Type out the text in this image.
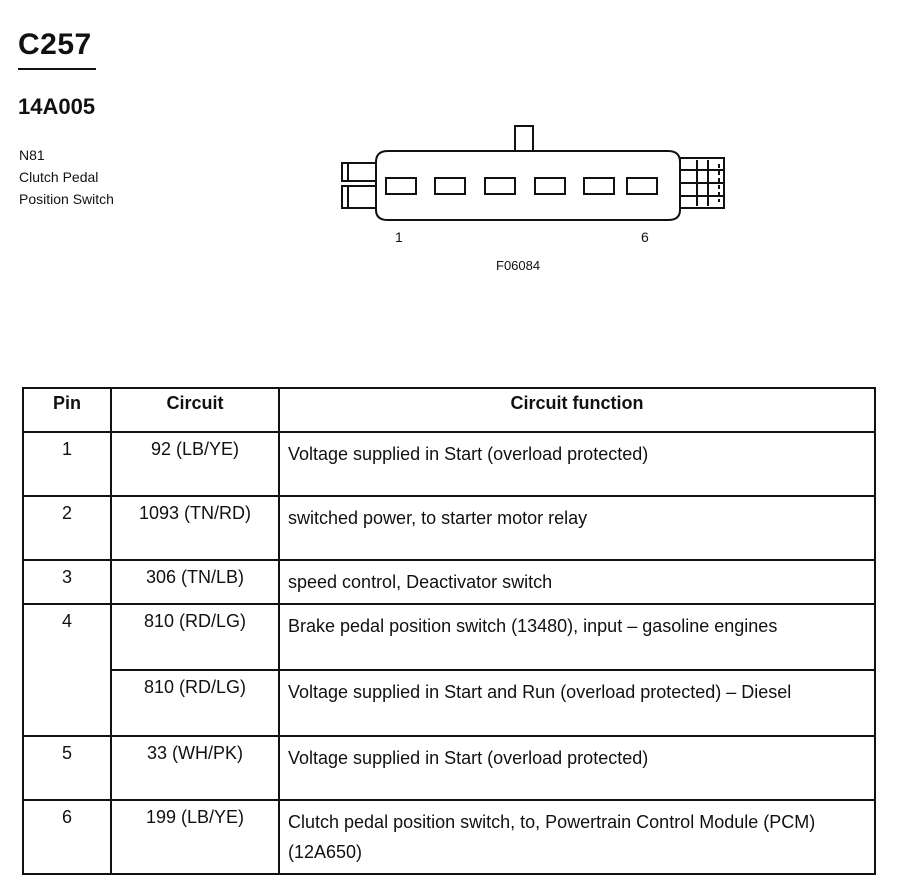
C257
14A005
N81
Clutch Pedal
Position Switch
1	6
F06084
Pin	Circuit	Circuit function
1	92 (LB/YE)	Voltage supplied in Start (overload protected)
2	1093 (TN/RD)	switched power, to starter motor relay
3	306 (TN/LB)	speed control, Deactivator switch
4	810 (RD/LG)	Brake pedal position switch (13480), input – gasoline engines
	810 (RD/LG)	Voltage supplied in Start and Run (overload protected) – Diesel
5	33 (WH/PK)	Voltage supplied in Start (overload protected)
6	199 (LB/YE)	Clutch pedal position switch, to, Powertrain Control Module (PCM) (12A650)
